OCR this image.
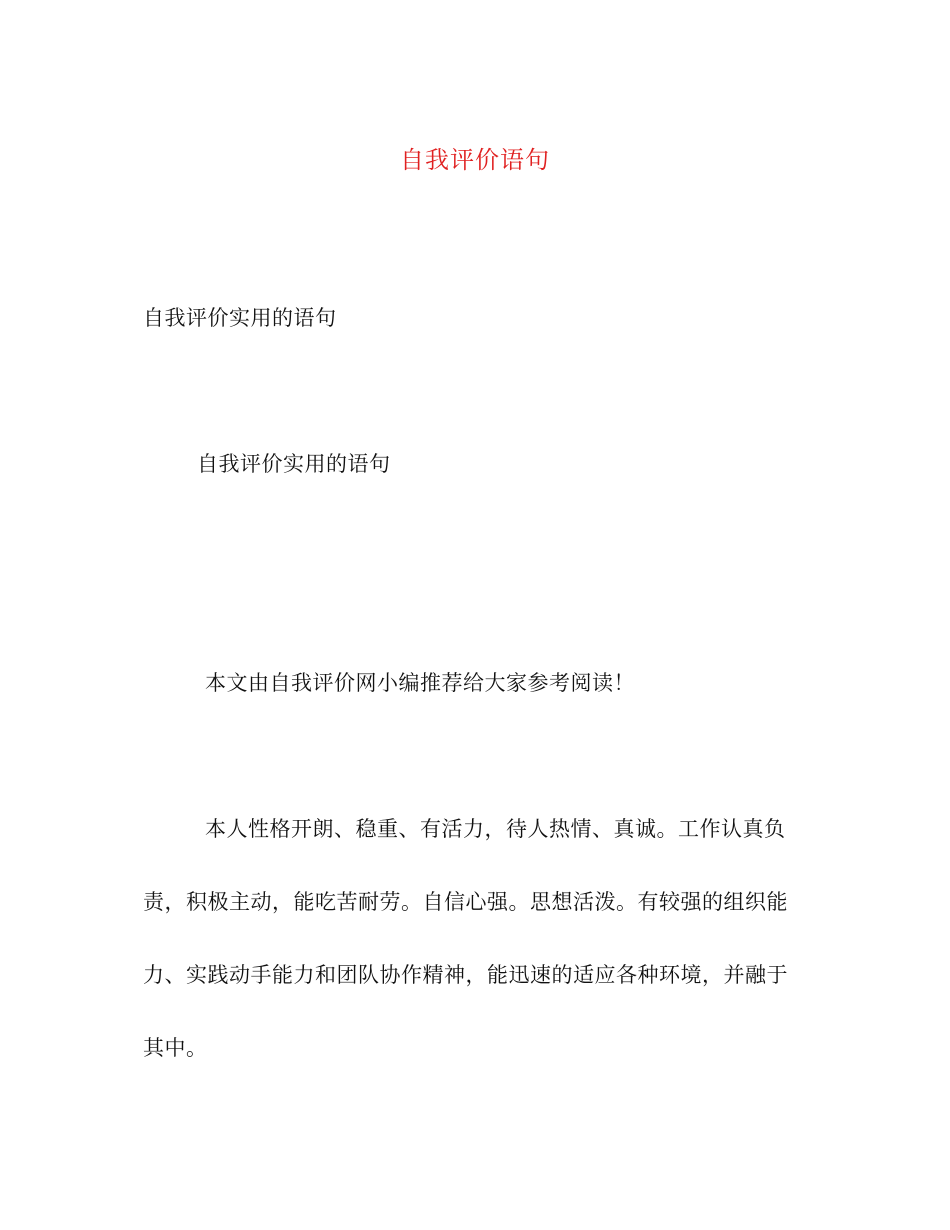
自我评价语句
自我评价实用的语句
自我评价实用的语句
本文由自我评价网小编推荐给大家参考阅读！
本人性格开朗、稳重、有活力，待人热情、真诚。工作认真负
责，积极主动，能吃苦耐劳。自信心强。思想活泼。有较强的组织能
力、实践动手能力和团队协作精神，能迅速的适应各种环境，并融于
其中。
